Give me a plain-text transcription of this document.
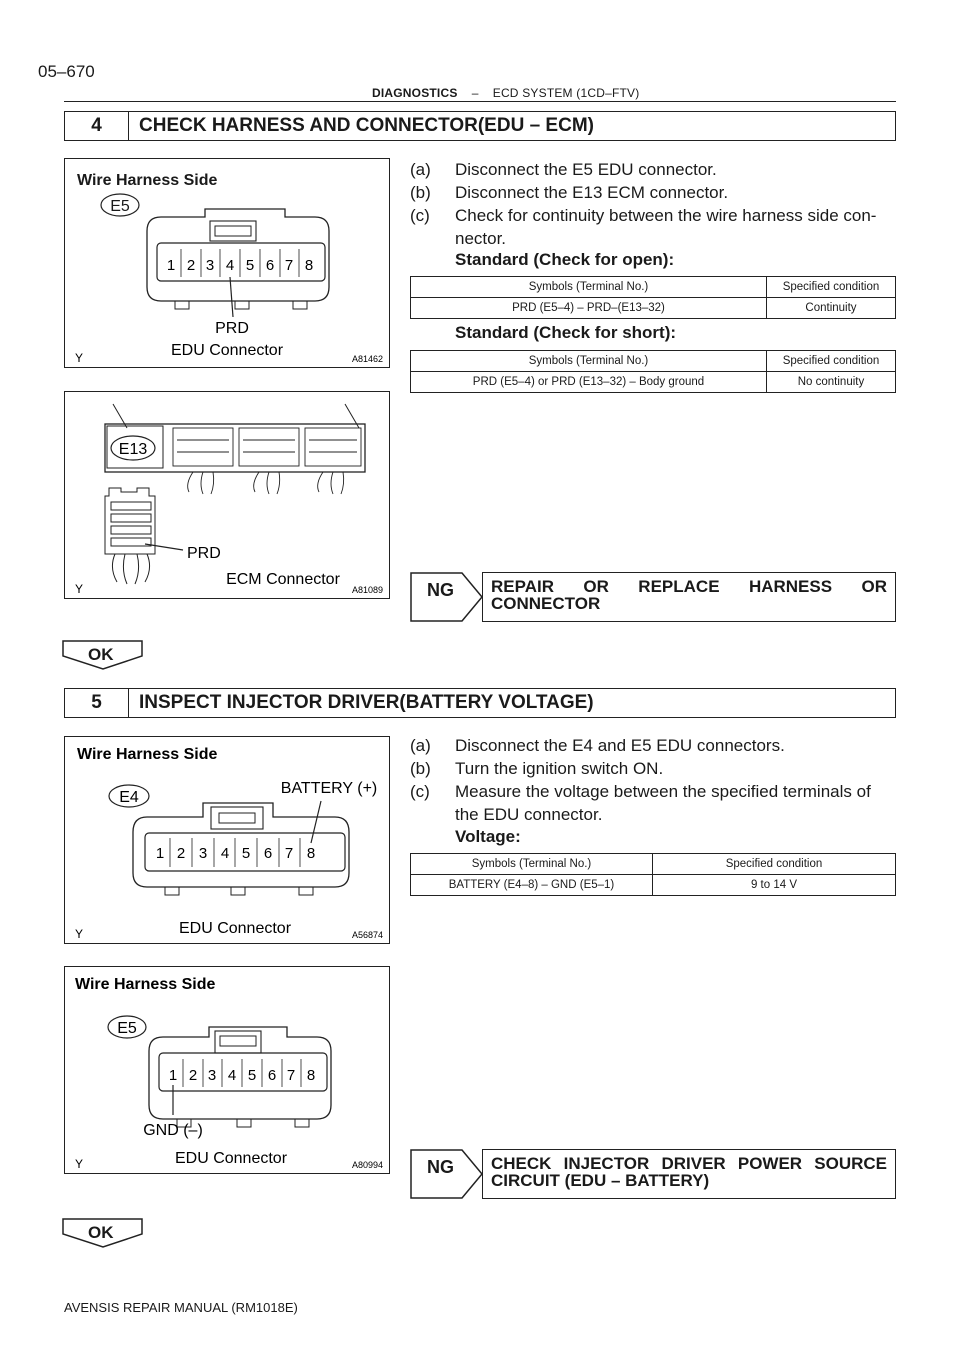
05–670
DIAGNOSTICS – ECD SYSTEM (1CD–FTV)
4	CHECK HARNESS AND CONNECTOR(EDU – ECM)
Wire Harness Side
E5
1 2 3 4 5 6 7 8
PRD
EDU Connector
Y	A81462
E13
PRD
ECM Connector
Y	A81089
(a) Disconnect the E5 EDU connector.
(b) Disconnect the E13 ECM connector.
(c) Check for continuity between the wire harness side con-
nector.
Standard (Check for open):
Symbols (Terminal No.)	Specified condition
PRD (E5–4) – PRD–(E13–32)	Continuity
Standard (Check for short):
Symbols (Terminal No.)	Specified condition
PRD (E5–4) or PRD (E13–32) – Body ground	No continuity
NG REPAIR OR REPLACE HARNESS OR
CONNECTOR
OK
5	INSPECT INJECTOR DRIVER(BATTERY VOLTAGE)
Wire Harness Side
E4
BATTERY (+)
1 2 3 4 5 6 7 8
EDU Connector
Y	A56874
Wire Harness Side
E5
1 2 3 4 5 6 7 8
GND (–)
EDU Connector
Y	A80994
(a) Disconnect the E4 and E5 EDU connectors.
(b) Turn the ignition switch ON.
(c) Measure the voltage between the specified terminals of
the EDU connector.
Voltage:
Symbols (Terminal No.)	Specified condition
BATTERY (E4–8) – GND (E5–1)	9 to 14 V
NG CHECK INJECTOR DRIVER POWER SOURCE
CIRCUIT (EDU – BATTERY)
OK
AVENSIS REPAIR MANUAL (RM1018E)
